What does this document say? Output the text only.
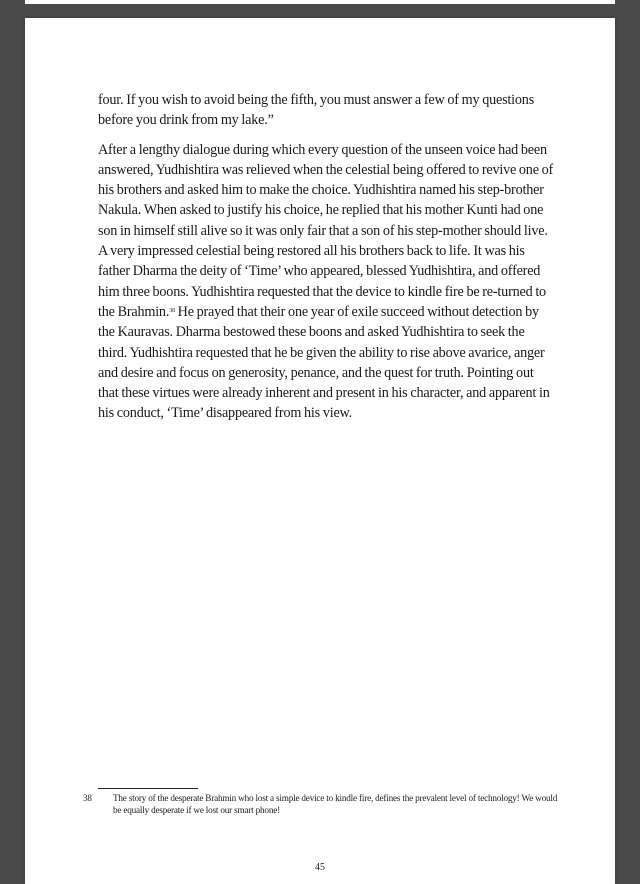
four. If you wish to avoid being the fifth, you must answer a few of my questions before you drink from my lake.”

After a lengthy dialogue during which every question of the unseen voice had been answered, Yudhishtira was relieved when the celestial being offered to revive one of his brothers and asked him to make the choice. Yudhishtira named his step-brother Nakula. When asked to justify his choice, he replied that his mother Kunti had one son in himself still alive so it was only fair that a son of his step-mother should live. A very impressed celestial being restored all his brothers back to life. It was his father Dharma the deity of ‘Time’ who appeared, blessed Yudhishtira, and offered him three boons. Yudhishtira requested that the device to kindle fire be re-turned to the Brahmin.$^{38}$ He prayed that their one year of exile succeed without detection by the Kauravas. Dharma bestowed these boons and asked Yudhishtira to seek the third. Yudhishtira requested that he be given the ability to rise above avarice, anger and desire and focus on generosity, penance, and the quest for truth. Pointing out that these virtues were already inherent and present in his character, and apparent in his conduct, ‘Time’ disappeared from his view.

38 The story of the desperate Brahmin who lost a simple device to kindle fire, defines the prevalent level of technology! We would be equally desperate if we lost our smart phone!
45
